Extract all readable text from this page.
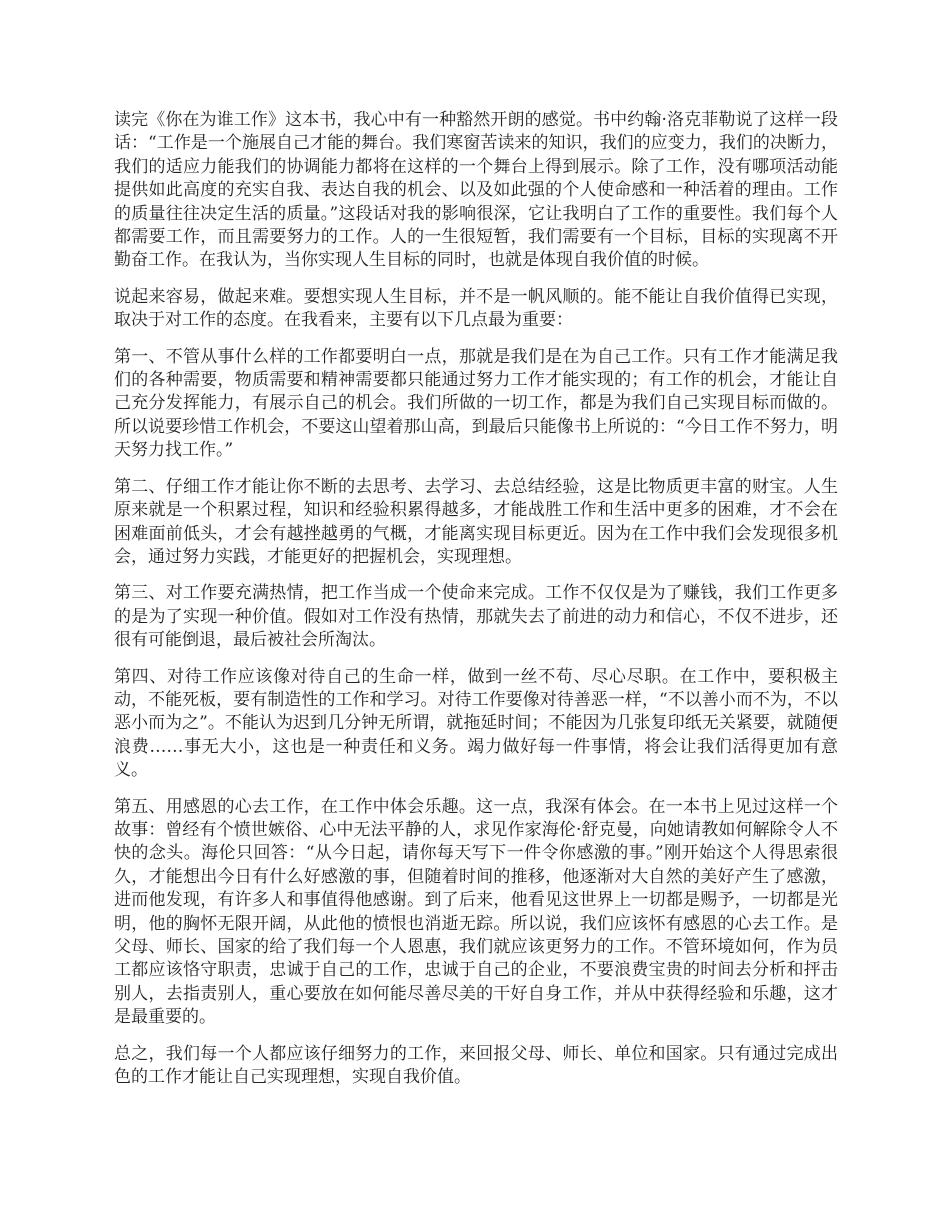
读完《你在为谁工作》这本书，我心中有一种豁然开朗的感觉。书中约翰·洛克菲勒说了这样一段话：“工作是一个施展自己才能的舞台。我们寒窗苦读来的知识，我们的应变力，我们的决断力，我们的适应力能我们的协调能力都将在这样的一个舞台上得到展示。除了工作，没有哪项活动能提供如此高度的充实自我、表达自我的机会、以及如此强的个人使命感和一种活着的理由。工作的质量往往决定生活的质量。”这段话对我的影响很深，它让我明白了工作的重要性。我们每个人都需要工作，而且需要努力的工作。人的一生很短暂，我们需要有一个目标，目标的实现离不开勤奋工作。在我认为，当你实现人生目标的同时，也就是体现自我价值的时候。

说起来容易，做起来难。要想实现人生目标，并不是一帆风顺的。能不能让自我价值得已实现，取决于对工作的态度。在我看来，主要有以下几点最为重要：

第一、不管从事什么样的工作都要明白一点，那就是我们是在为自己工作。只有工作才能满足我们的各种需要，物质需要和精神需要都只能通过努力工作才能实现的；有工作的机会，才能让自己充分发挥能力，有展示自己的机会。我们所做的一切工作，都是为我们自己实现目标而做的。所以说要珍惜工作机会，不要这山望着那山高，到最后只能像书上所说的：“今日工作不努力，明天努力找工作。”

第二、仔细工作才能让你不断的去思考、去学习、去总结经验，这是比物质更丰富的财宝。人生原来就是一个积累过程，知识和经验积累得越多，才能战胜工作和生活中更多的困难，才不会在困难面前低头，才会有越挫越勇的气概，才能离实现目标更近。因为在工作中我们会发现很多机会，通过努力实践，才能更好的把握机会，实现理想。

第三、对工作要充满热情，把工作当成一个使命来完成。工作不仅仅是为了赚钱，我们工作更多的是为了实现一种价值。假如对工作没有热情，那就失去了前进的动力和信心，不仅不进步，还很有可能倒退，最后被社会所淘汰。

第四、对待工作应该像对待自己的生命一样，做到一丝不苟、尽心尽职。在工作中，要积极主动，不能死板，要有制造性的工作和学习。对待工作要像对待善恶一样，“不以善小而不为，不以恶小而为之”。不能认为迟到几分钟无所谓，就拖延时间；不能因为几张复印纸无关紧要，就随便浪费……事无大小，这也是一种责任和义务。竭力做好每一件事情，将会让我们活得更加有意义。

第五、用感恩的心去工作，在工作中体会乐趣。这一点，我深有体会。在一本书上见过这样一个故事：曾经有个愤世嫉俗、心中无法平静的人，求见作家海伦·舒克曼，向她请教如何解除令人不快的念头。海伦只回答：“从今日起，请你每天写下一件令你感激的事。”刚开始这个人得思索很久，才能想出今日有什么好感激的事，但随着时间的推移，他逐渐对大自然的美好产生了感激，进而他发现，有许多人和事值得他感谢。到了后来，他看见这世界上一切都是赐予，一切都是光明，他的胸怀无限开阔，从此他的愤恨也消逝无踪。所以说，我们应该怀有感恩的心去工作。是父母、师长、国家的给了我们每一个人恩惠，我们就应该更努力的工作。不管环境如何，作为员工都应该恪守职责，忠诚于自己的工作，忠诚于自己的企业，不要浪费宝贵的时间去分析和抨击别人，去指责别人，重心要放在如何能尽善尽美的干好自身工作，并从中获得经验和乐趣，这才是最重要的。

总之，我们每一个人都应该仔细努力的工作，来回报父母、师长、单位和国家。只有通过完成出色的工作才能让自己实现理想，实现自我价值。
